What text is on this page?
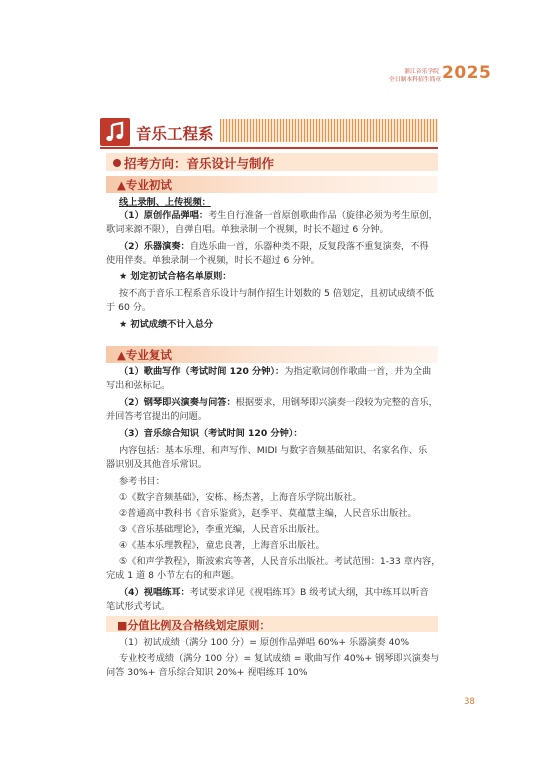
浙江音乐学院
全日制本科招生简章 2025
音乐工程系
招考方向：音乐设计与制作
▲专业初试
线上录制、上传视频：
（1）原创作品弹唱：考生自行准备一首原创歌曲作品（旋律必须为考生原创，
歌词来源不限），自弹自唱。单独录制一个视频，时长不超过 6 分钟。
（2）乐器演奏：自选乐曲一首，乐器种类不限，反复段落不重复演奏，不得
使用伴奏。单独录制一个视频，时长不超过 6 分钟。
★ 划定初试合格名单原则：
按不高于音乐工程系音乐设计与制作招生计划数的 5 倍划定，且初试成绩不低
于 60 分。
★ 初试成绩不计入总分
▲专业复试
（1）歌曲写作（考试时间 120 分钟）：为指定歌词创作歌曲一首，并为全曲
写出和弦标记。
（2）钢琴即兴演奏与问答：根据要求，用钢琴即兴演奏一段较为完整的音乐，
并回答考官提出的问题。
（3）音乐综合知识（考试时间 120 分钟）：
内容包括：基本乐理、和声写作、MIDI 与数字音频基础知识、名家名作、乐
器识别及其他音乐常识。
参考书目：
①《数字音频基础》，安栋、杨杰著，上海音乐学院出版社。
②普通高中教科书《音乐鉴赏》，赵季平、莫蕴慧主编，人民音乐出版社。
③《音乐基础理论》，李重光编，人民音乐出版社。
④《基本乐理教程》，童忠良著，上海音乐出版社。
⑤《和声学教程》，斯波索宾等著，人民音乐出版社。考试范围：1-33 章内容，
完成 1 道 8 小节左右的和声题。
（4）视唱练耳：考试要求详见《视唱练耳》B 级考试大纲，其中练耳以听音
笔试形式考试。
■分值比例及合格线划定原则：
（1）初试成绩（满分 100 分）= 原创作品弹唱 60%+ 乐器演奏 40%
专业校考成绩（满分 100 分）= 复试成绩 = 歌曲写作 40%+ 钢琴即兴演奏与
问答 30%+ 音乐综合知识 20%+ 视唱练耳 10%
38
